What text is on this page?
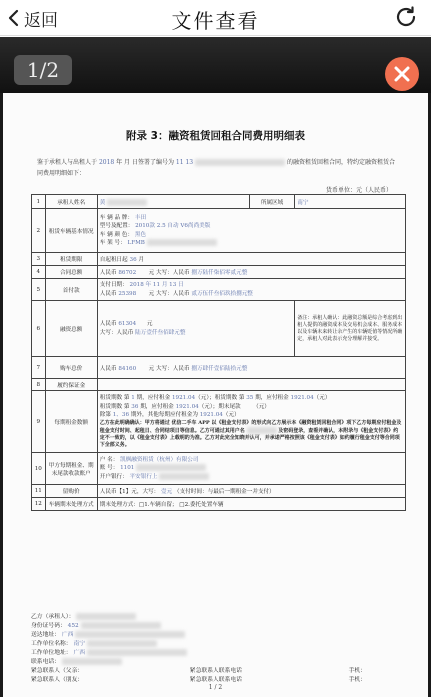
返回	文件查看
1/2
附录 3：融资租赁回租合同费用明细表
鉴于承租人与出租人于 2018 年 月 日签署了编号为 11 13	的融资租赁回租合同，特约定融资租赁合同费用明细如下：
货币单位：元（人民币）
1	承租人姓名	黄	所属区域	南宁
2	租赁车辆基本情况	车 辆 品 牌： 丰田
型号及配置： 2010款 2.5 自动 V6尚尚美版
车 辆 颜 色： 黑色
车 架 号： LFMB		

3	租赁期限	自起租日起 36 月		
4	合同总额	人民币 86702 元 大写：人民币 捌万陆仟柒佰零贰元整		
5	首付款	支付日期： 2018 年 11 月 13 日
人民币 25398 元 大写：人民币 贰万伍仟叁佰玖拾捌元整		

6	融资总额	人民币 61304 元
大写：人民币 陆万壹仟叁佰肆元整		备注：承租人确认：此融资总额是综合考虑到出租人提供的融资成本及交易机会成本、服务成本以及车辆未来转让余产生的车辆贬值等情况所确定，承租人对此表示充分理解并接受。
7	购车总价	人民币 84160 元 大写：人民币 捌万肆仟壹佰陆拾元整		
8	履约保证金			
9	每期租金数额	租赁期数 第 1 期，应付租金 1921.04（元）；租赁期数 第 35 期，应付租金 1921.04（元）
租赁期数 第 36 期，应付租金 1921.04（元）；期末尾款 （元）
除第 1、36 期外，其他每期应付租金为 1921.04（元）
乙方在此明确确认：甲方将通过 优信二手车 APP 以《租金支付表》的形式向乙方展示本《融资租赁回租合同》项下乙方每期应付租金及租金支付时间、起租日、合同结项日等信息。乙方可通过其用户名 及密码登录，查看并确认，本附录与《租金支付表》约定不一致的，以《租金支付表》上载明的为准。乙方对此完全知晓并认可，并承诺严格按照该《租金支付表》如约履行租金支付等合同项下全部义务。		

10	甲方每期租金、期末尾款收款账户	户 名： 凯枫融资租赁（杭州）有限公司
账 号： 1101
开户银行： 平安银行上		

11	留购价	人民币【1】元，大写： 壹元 （支付时间：与最后一期租金一并支付）		
12	车辆期末处理方式	期末处理方式：□1.车辆自留； □2.委托处置车辆		
乙方（承租人）：
身份证号码： 452
送达地址： 广西
工作单位名称： 南宁
工作单位地址： 广西
联系电话：
紧急联系人（父亲：	紧急联系人联系电话	手机：
紧急联系人（朋友：	紧急联系人联系电话	手机：
1 / 2
